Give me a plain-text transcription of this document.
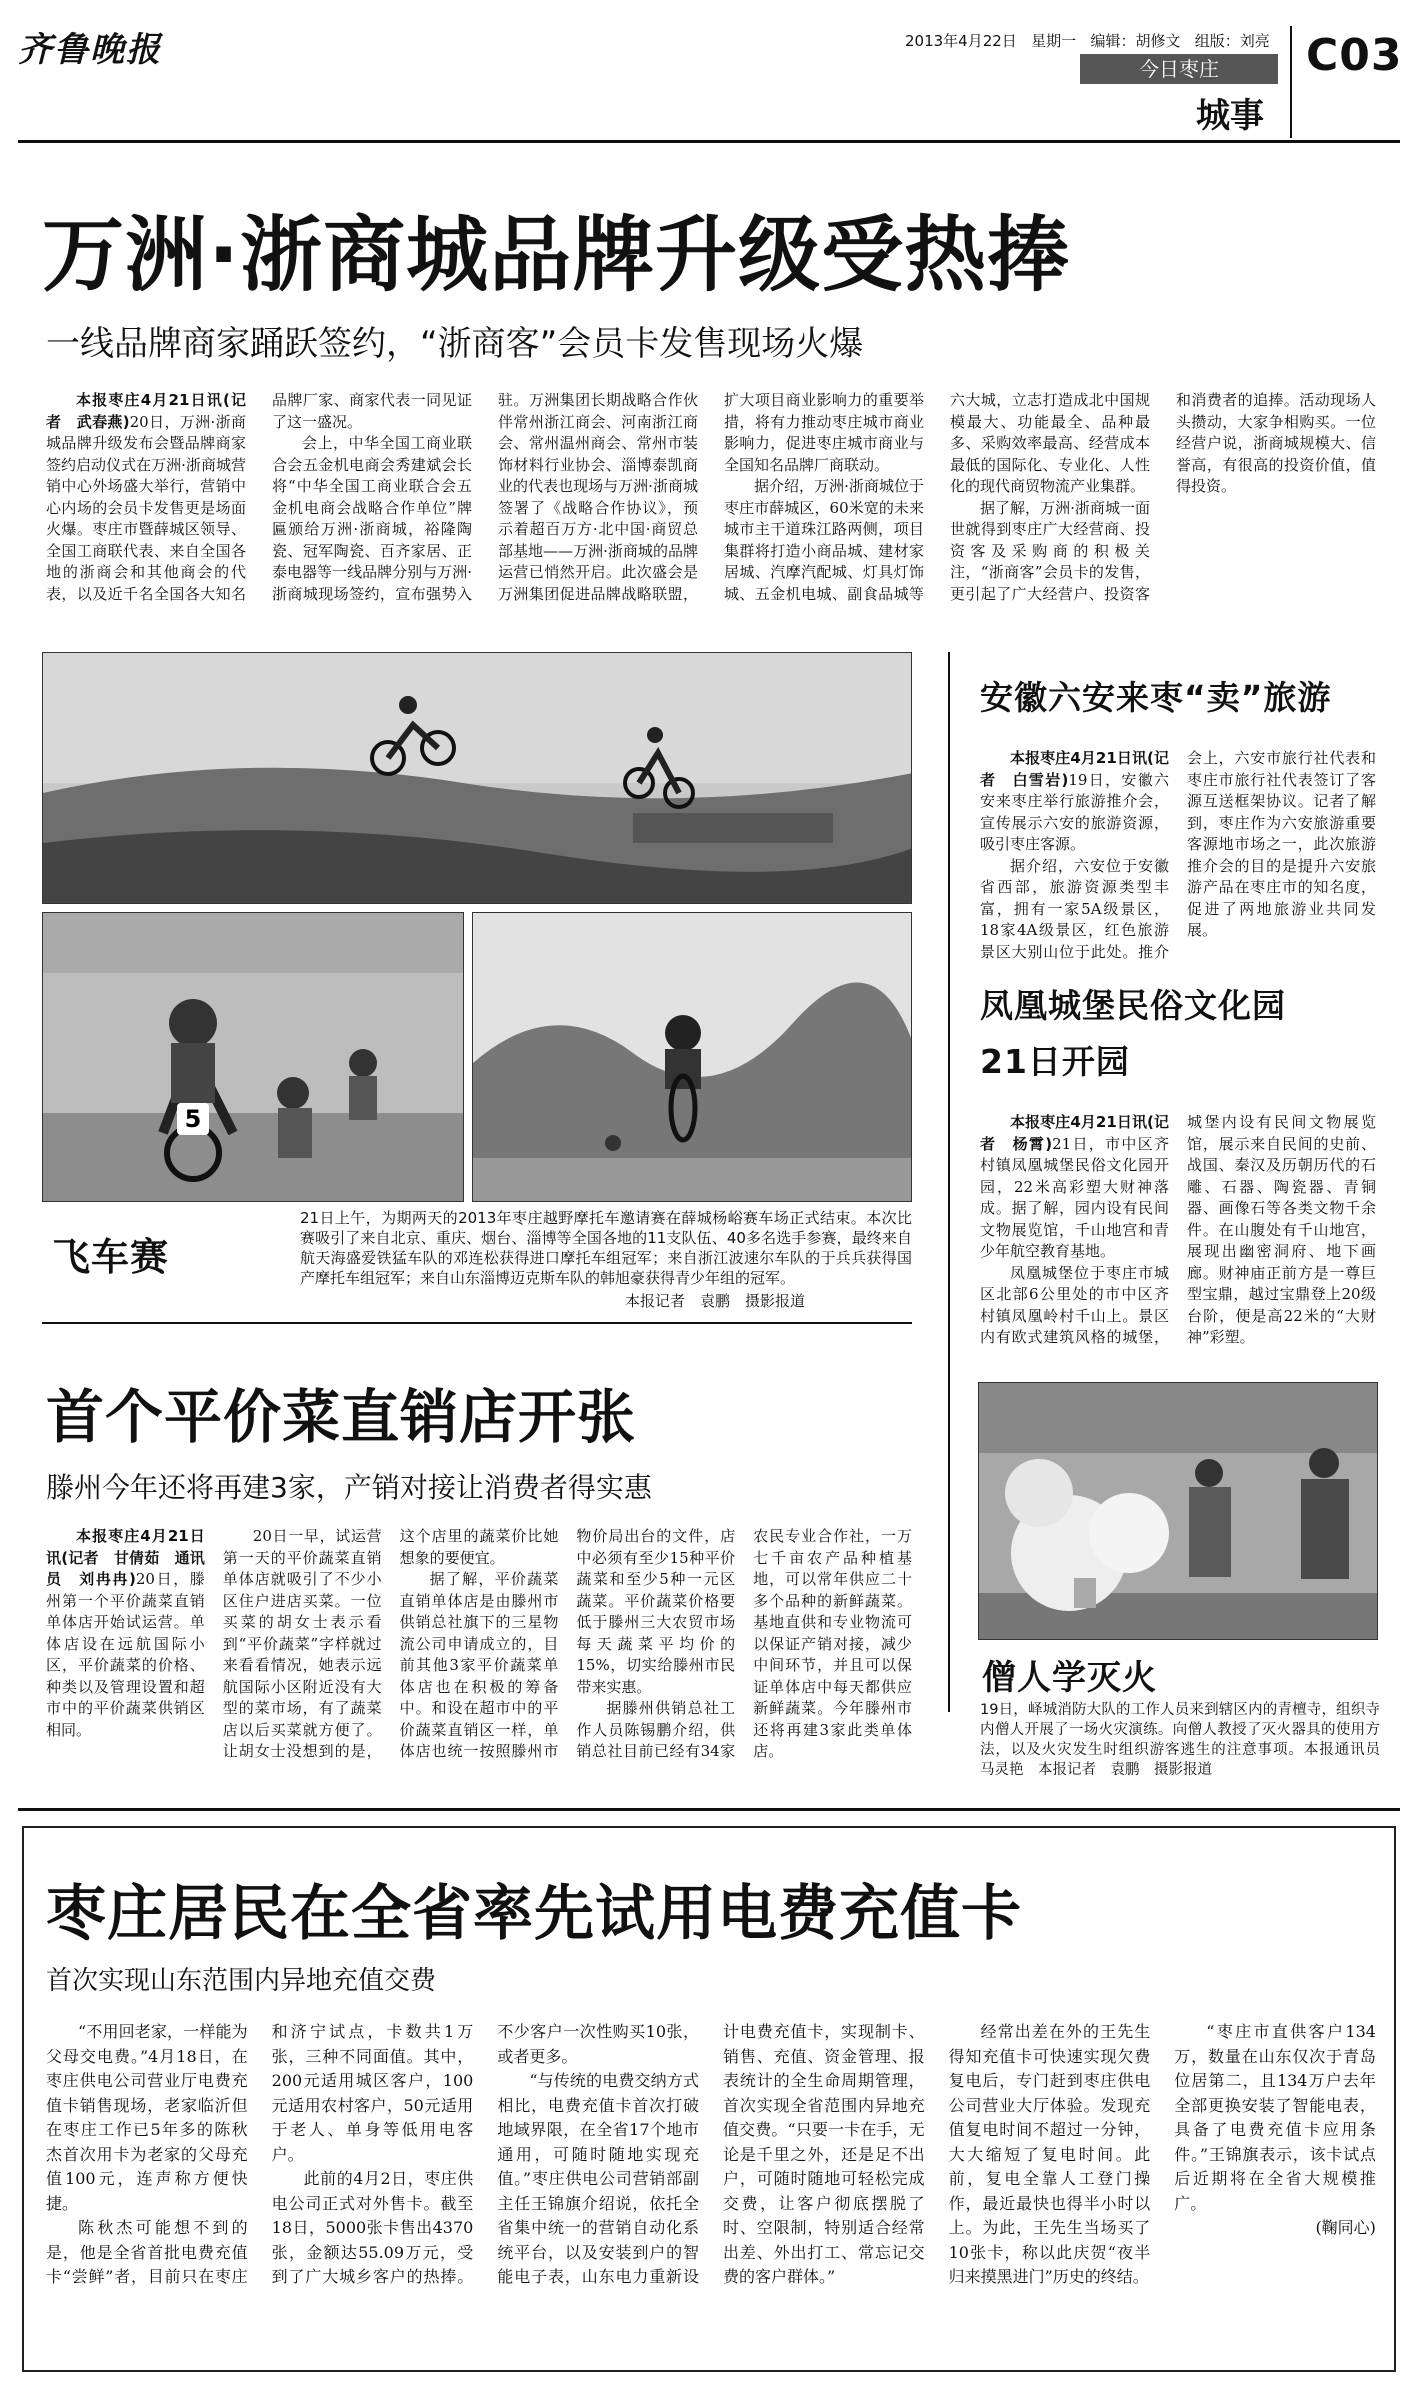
齐鲁晚报	2013年4月22日 星期一 编辑：胡修文 组版：刘亮
今日枣庄
城事
C03
万洲·浙商城品牌升级受热捧
一线品牌商家踊跃签约，“浙商客”会员卡发售现场火爆

本报枣庄4月21日讯(记者　武春燕)20日，万洲·浙商城品牌升级发布会暨品牌商家签约启动仪式在万洲·浙商城营销中心外场盛大举行，营销中心内场的会员卡发售更是场面火爆。枣庄市暨薛城区领导、全国工商联代表、来自全国各地的浙商会和其他商会的代表，以及近千名全国各大知名品牌厂家、商家代表一同见证了这一盛况。

会上，中华全国工商业联合会五金机电商会秀建斌会长将“中华全国工商业联合会五金机电商会战略合作单位”牌匾颁给万洲·浙商城，裕隆陶瓷、冠军陶瓷、百齐家居、正泰电器等一线品牌分别与万洲·浙商城现场签约，宣布强势入驻。万洲集团长期战略合作伙伴常州浙江商会、河南浙江商会、常州温州商会、常州市装饰材料行业协会、淄博泰凯商业的代表也现场与万洲·浙商城签署了《战略合作协议》，预示着超百万方·北中国·商贸总部基地——万洲·浙商城的品牌运营已悄然开启。此次盛会是万洲集团促进品牌战略联盟，扩大项目商业影响力的重要举措，将有力推动枣庄城市商业影响力，促进枣庄城市商业与全国知名品牌厂商联动。

据介绍，万洲·浙商城位于枣庄市薛城区，60米宽的未来城市主干道珠江路两侧，项目集群将打造小商品城、建材家居城、汽摩汽配城、灯具灯饰城、五金机电城、副食品城等六大城，立志打造成北中国规模最大、功能最全、品种最多、采购效率最高、经营成本最低的国际化、专业化、人性化的现代商贸物流产业集群。

据了解，万洲·浙商城一面世就得到枣庄广大经营商、投资客及采购商的积极关注，“浙商客”会员卡的发售，更引起了广大经营户、投资客和消费者的追捧。活动现场人头攒动，大家争相购买。一位经营户说，浙商城规模大、信誉高，有很高的投资价值，值得投资。

5
飞车赛
21日上午，为期两天的2013年枣庄越野摩托车邀请赛在薛城杨峪赛车场正式结束。本次比赛吸引了来自北京、重庆、烟台、淄博等全国各地的11支队伍、40多名选手参赛，最终来自航天海盛爱铁猛车队的邓连松获得进口摩托车组冠军；来自浙江波速尔车队的于兵兵获得国产摩托车组冠军；来自山东淄博迈克斯车队的韩旭豪获得青少年组的冠军。
本报记者　袁鹏　摄影报道
安徽六安来枣“卖”旅游

本报枣庄4月21日讯(记者　白雪岩)19日，安徽六安来枣庄举行旅游推介会，宣传展示六安的旅游资源，吸引枣庄客源。

据介绍，六安位于安徽省西部，旅游资源类型丰富，拥有一家5A级景区，18家4A级景区，红色旅游景区大别山位于此处。推介会上，六安市旅行社代表和枣庄市旅行社代表签订了客源互送框架协议。记者了解到，枣庄作为六安旅游重要客源地市场之一，此次旅游推介会的目的是提升六安旅游产品在枣庄市的知名度，促进了两地旅游业共同发展。

凤凰城堡民俗文化园
21日开园

本报枣庄4月21日讯(记者　杨霄)21日，市中区齐村镇凤凰城堡民俗文化园开园，22米高彩塑大财神落成。据了解，园内设有民间文物展览馆，千山地宫和青少年航空教育基地。

凤凰城堡位于枣庄市城区北部6公里处的市中区齐村镇凤凰岭村千山上。景区内有欧式建筑风格的城堡，城堡内设有民间文物展览馆，展示来自民间的史前、战国、秦汉及历朝历代的石雕、石器、陶瓷器、青铜器、画像石等各类文物千余件。在山腹处有千山地宫，展现出幽密洞府、地下画廊。财神庙正前方是一尊巨型宝鼎，越过宝鼎登上20级台阶，便是高22米的“大财神”彩塑。

僧人学灭火
19日，峄城消防大队的工作人员来到辖区内的青檀寺，组织寺内僧人开展了一场火灾演练。向僧人教授了灭火器具的使用方法，以及火灾发生时组织游客逃生的注意事项。本报通讯员　马灵艳　本报记者　袁鹏　摄影报道
首个平价菜直销店开张
滕州今年还将再建3家，产销对接让消费者得实惠

本报枣庄4月21日讯(记者　甘倩茹　通讯员　刘冉冉)20日，滕州第一个平价蔬菜直销单体店开始试运营。单体店设在远航国际小区，平价蔬菜的价格、种类以及管理设置和超市中的平价蔬菜供销区相同。

20日一早，试运营第一天的平价蔬菜直销单体店就吸引了不少小区住户进店买菜。一位买菜的胡女士表示看到“平价蔬菜”字样就过来看看情况，她表示远航国际小区附近没有大型的菜市场，有了蔬菜店以后买菜就方便了。让胡女士没想到的是，这个店里的蔬菜价比她想象的要便宜。

据了解，平价蔬菜直销单体店是由滕州市供销总社旗下的三星物流公司申请成立的，目前其他3家平价蔬菜单体店也在积极的筹备中。和设在超市中的平价蔬菜直销区一样，单体店也统一按照滕州市物价局出台的文件，店中必须有至少15种平价蔬菜和至少5种一元区蔬菜。平价蔬菜价格要低于滕州三大农贸市场每天蔬菜平均价的15%，切实给滕州市民带来实惠。

据滕州供销总社工作人员陈锡鹏介绍，供销总社目前已经有34家农民专业合作社，一万七千亩农产品种植基地，可以常年供应二十多个品种的新鲜蔬菜。基地直供和专业物流可以保证产销对接，减少中间环节，并且可以保证单体店中每天都供应新鲜蔬菜。今年滕州市还将再建3家此类单体店。

枣庄居民在全省率先试用电费充值卡
首次实现山东范围内异地充值交费

“不用回老家，一样能为父母交电费。”4月18日，在枣庄供电公司营业厅电费充值卡销售现场，老家临沂但在枣庄工作已5年多的陈秋杰首次用卡为老家的父母充值100元，连声称方便快捷。

陈秋杰可能想不到的是，他是全省首批电费充值卡“尝鲜”者，目前只在枣庄和济宁试点，卡数共1万张，三种不同面值。其中，200元适用城区客户，100元适用农村客户，50元适用于老人、单身等低用电客户。

此前的4月2日，枣庄供电公司正式对外售卡。截至18日，5000张卡售出4370张，金额达55.09万元，受到了广大城乡客户的热捧。不少客户一次性购买10张，或者更多。

“与传统的电费交纳方式相比，电费充值卡首次打破地域界限，在全省17个地市通用，可随时随地实现充值。”枣庄供电公司营销部副主任王锦旗介绍说，依托全省集中统一的营销自动化系统平台，以及安装到户的智能电子表，山东电力重新设计电费充值卡，实现制卡、销售、充值、资金管理、报表统计的全生命周期管理，首次实现全省范围内异地充值交费。“只要一卡在手，无论是千里之外，还是足不出户，可随时随地可轻松完成交费，让客户彻底摆脱了时、空限制，特别适合经常出差、外出打工、常忘记交费的客户群体。”

经常出差在外的王先生得知充值卡可快速实现欠费复电后，专门赶到枣庄供电公司营业大厅体验。发现充值复电时间不超过一分钟，大大缩短了复电时间。此前，复电全靠人工登门操作，最近最快也得半小时以上。为此，王先生当场买了10张卡，称以此庆贺“夜半归来摸黑进门”历史的终结。

“枣庄市直供客户134万，数量在山东仅次于青岛位居第二，且134万户去年全部更换安装了智能电表，具备了电费充值卡应用条件。”王锦旗表示，该卡试点后近期将在全省大规模推广。

(鞠同心)
